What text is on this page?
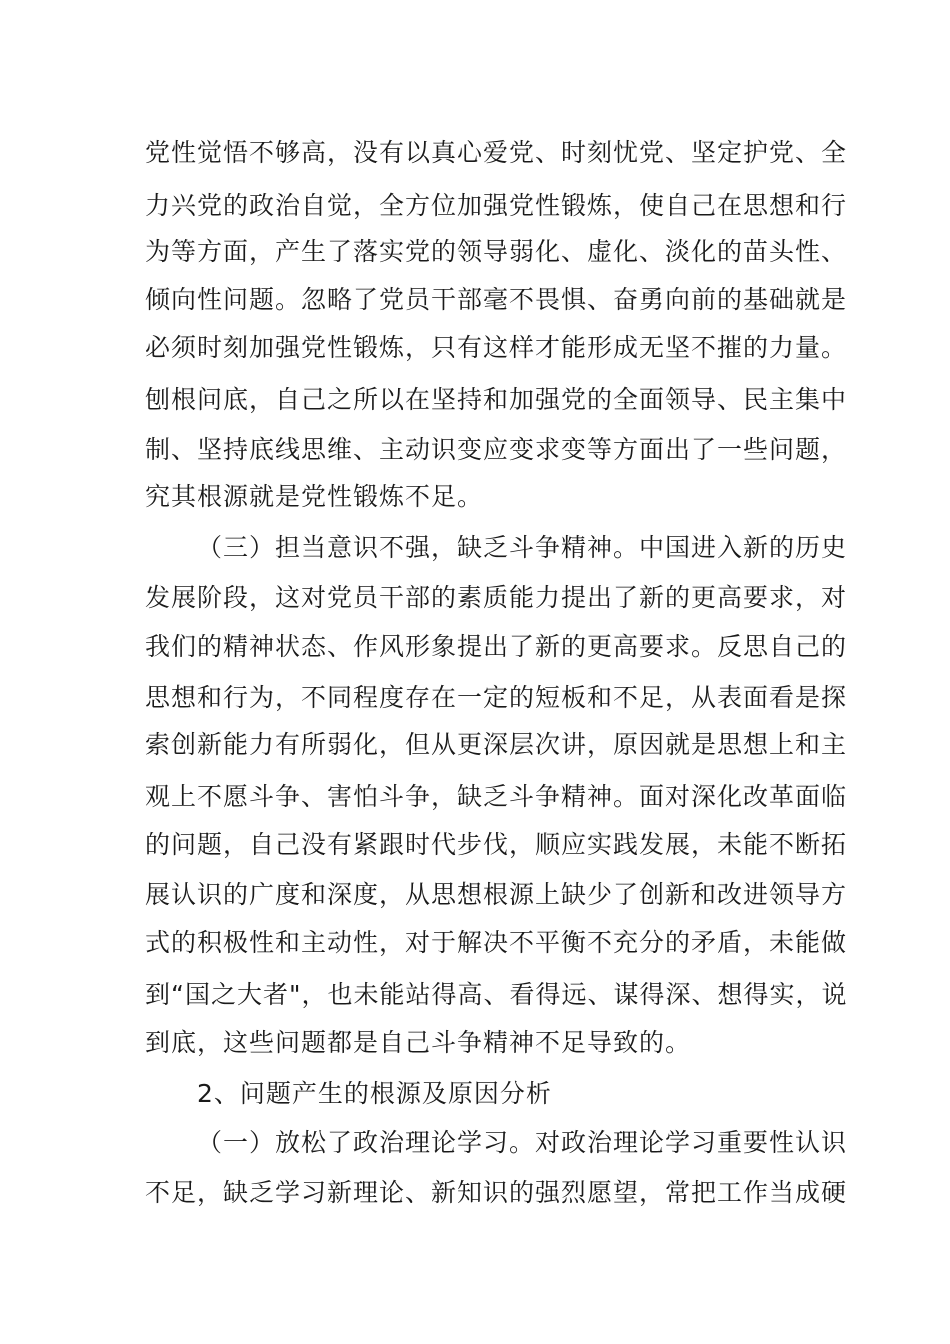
党性觉悟不够高，没有以真心爱党、时刻忧党、坚定护党、全
力兴党的政治自觉，全方位加强党性锻炼，使自己在思想和行
为等方面，产生了落实党的领导弱化、虚化、淡化的苗头性、
倾向性问题。忽略了党员干部毫不畏惧、奋勇向前的基础就是
必须时刻加强党性锻炼，只有这样才能形成无坚不摧的力量。
刨根问底，自己之所以在坚持和加强党的全面领导、民主集中
制、坚持底线思维、主动识变应变求变等方面出了一些问题，
究其根源就是党性锻炼不足。
（三）担当意识不强，缺乏斗争精神。中国进入新的历史
发展阶段，这对党员干部的素质能力提出了新的更高要求，对
我们的精神状态、作风形象提出了新的更高要求。反思自己的
思想和行为，不同程度存在一定的短板和不足，从表面看是探
索创新能力有所弱化，但从更深层次讲，原因就是思想上和主
观上不愿斗争、害怕斗争，缺乏斗争精神。面对深化改革面临
的问题，自己没有紧跟时代步伐，顺应实践发展，未能不断拓
展认识的广度和深度，从思想根源上缺少了创新和改进领导方
式的积极性和主动性，对于解决不平衡不充分的矛盾，未能做
到“国之大者"，也未能站得高、看得远、谋得深、想得实，说
到底，这些问题都是自己斗争精神不足导致的。
2、问题产生的根源及原因分析
（一）放松了政治理论学习。对政治理论学习重要性认识
不足，缺乏学习新理论、新知识的强烈愿望，常把工作当成硬
